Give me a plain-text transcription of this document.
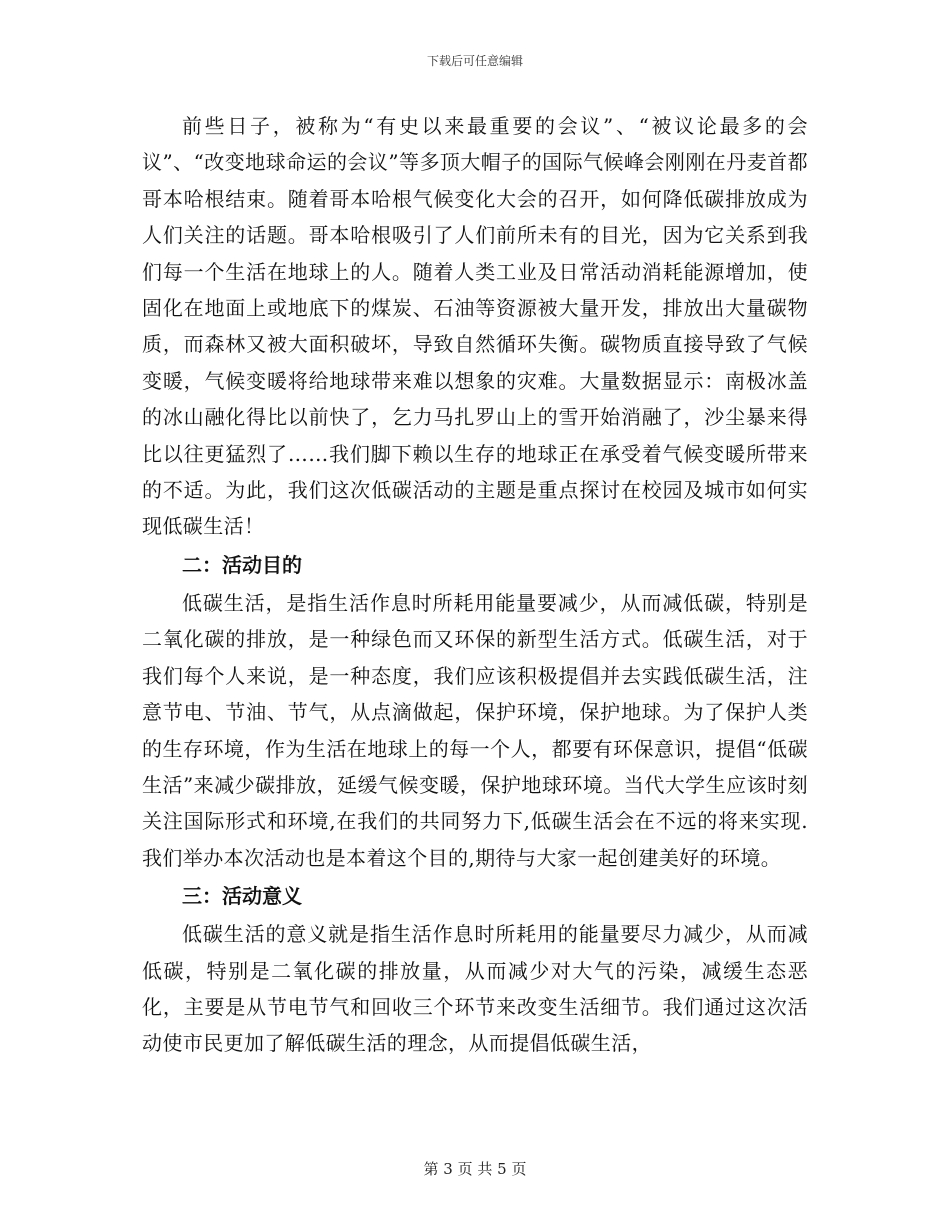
下载后可任意编辑

前些日子，被称为“有史以来最重要的会议”、“被议论最多的会议”、“改变地球命运的会议”等多顶大帽子的国际气候峰会刚刚在丹麦首都哥本哈根结束。随着哥本哈根气候变化大会的召开，如何降低碳排放成为人们关注的话题。哥本哈根吸引了人们前所未有的目光，因为它关系到我们每一个生活在地球上的人。随着人类工业及日常活动消耗能源增加，使固化在地面上或地底下的煤炭、石油等资源被大量开发，排放出大量碳物质，而森林又被大面积破坏，导致自然循环失衡。碳物质直接导致了气候变暖，气候变暖将给地球带来难以想象的灾难。大量数据显示：南极冰盖的冰山融化得比以前快了，乞力马扎罗山上的雪开始消融了，沙尘暴来得比以往更猛烈了……我们脚下赖以生存的地球正在承受着气候变暖所带来的不适。为此，我们这次低碳活动的主题是重点探讨在校园及城市如何实现低碳生活！

二：活动目的

低碳生活，是指生活作息时所耗用能量要减少，从而减低碳，特别是二氧化碳的排放，是一种绿色而又环保的新型生活方式。低碳生活，对于我们每个人来说，是一种态度，我们应该积极提倡并去实践低碳生活，注意节电、节油、节气，从点滴做起，保护环境，保护地球。为了保护人类的生存环境，作为生活在地球上的每一个人，都要有环保意识，提倡“低碳生活”来减少碳排放，延缓气候变暖，保护地球环境。当代大学生应该时刻关注国际形式和环境,在我们的共同努力下,低碳生活会在不远的将来实现.我们举办本次活动也是本着这个目的,期待与大家一起创建美好的环境。

三：活动意义

低碳生活的意义就是指生活作息时所耗用的能量要尽力减少，从而减低碳，特别是二氧化碳的排放量，从而减少对大气的污染，减缓生态恶化，主要是从节电节气和回收三个环节来改变生活细节。我们通过这次活动使市民更加了解低碳生活的理念，从而提倡低碳生活，

第 3 页 共 5 页
